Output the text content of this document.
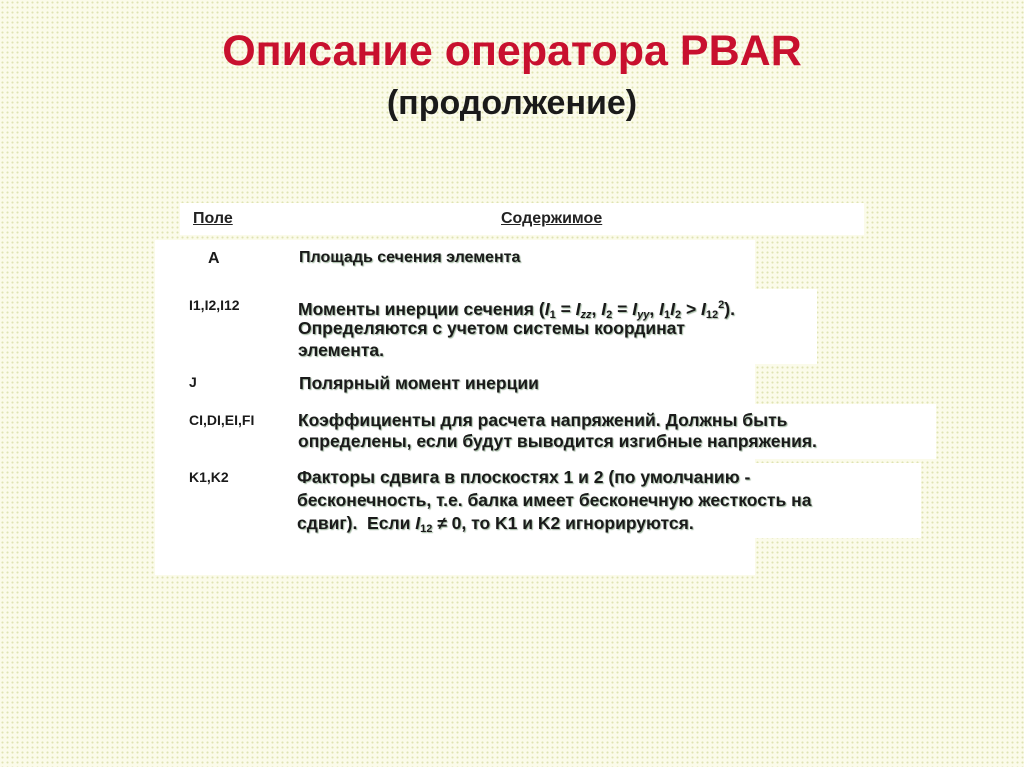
Описание оператора PBAR
(продолжение)
Поле	Содержимое
A	Площадь сечения элемента
I1,I2,I12	Моменты инерции сечения ($I_1 = I_{zz}$, $I_2 = I_{yy}$, $I_1I_2 > I_{12}^2$).
Определяются с учетом системы координат
элемента.
J	Полярный момент инерции
CI,DI,EI,FI Коэффициенты для расчета напряжений. Должны быть
определены, если будут выводится изгибные напряжения.
K1,K2	Факторы сдвига в плоскостях 1 и 2 (по умолчанию -
бесконечность, т.е. балка имеет бесконечную жесткость на
сдвиг).  Если $I_{12} \ne 0$, то K1 и K2 игнорируются.
